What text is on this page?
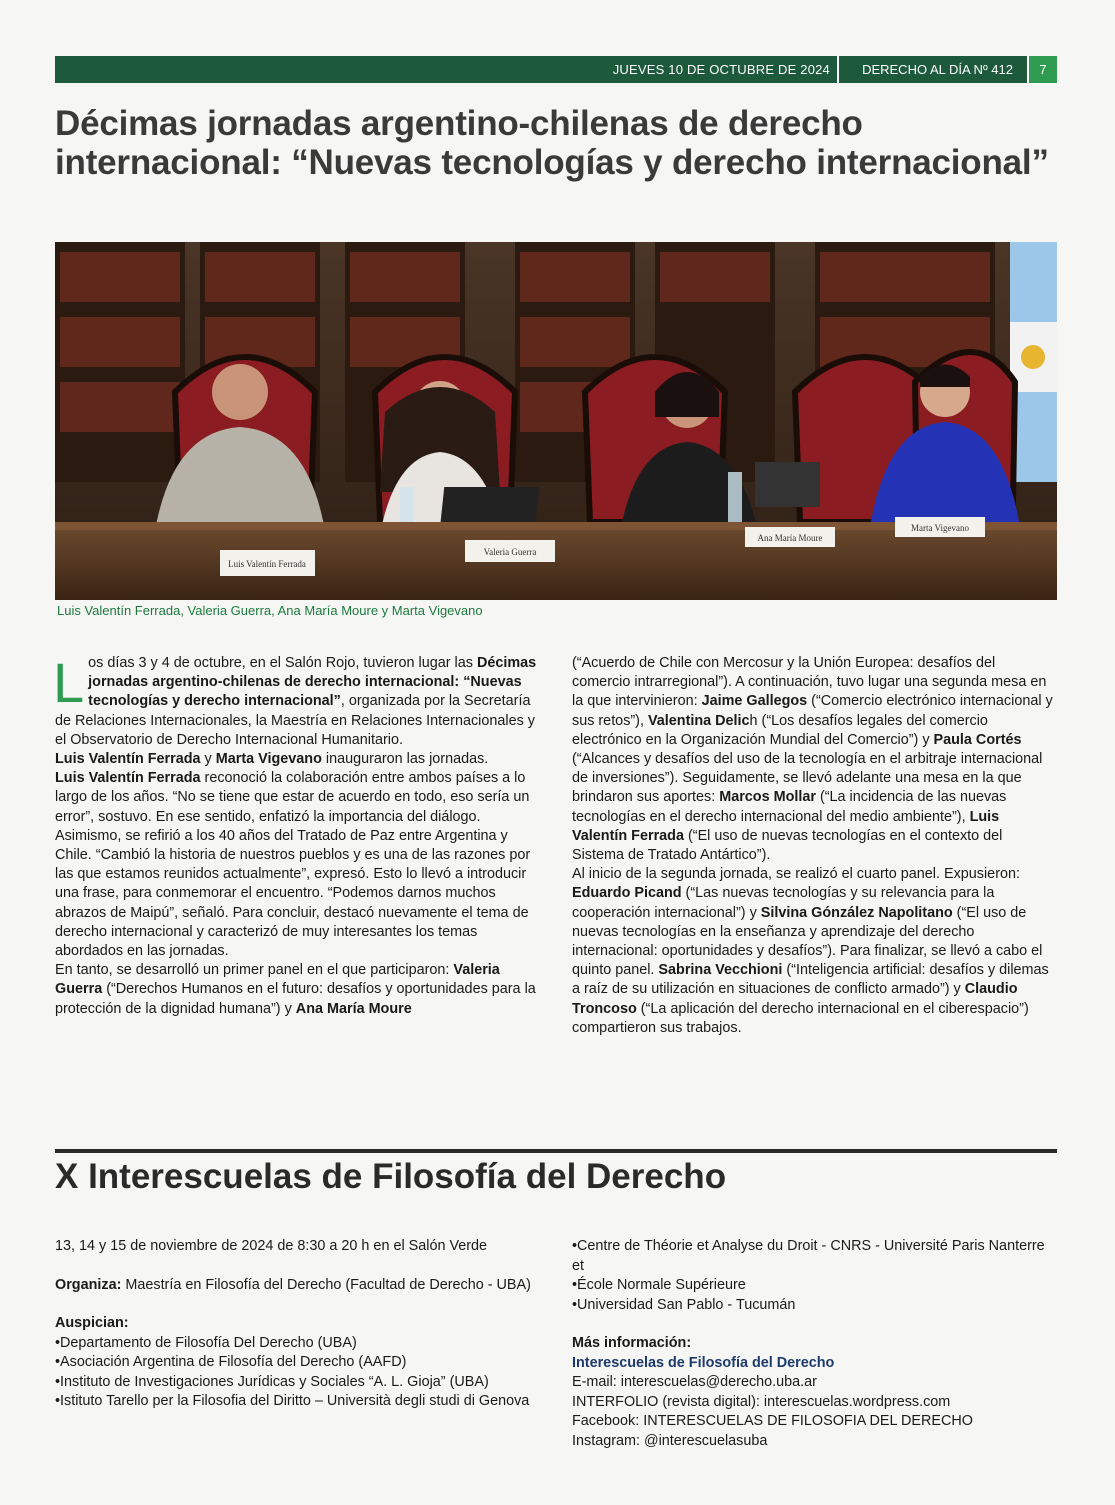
JUEVES 10 DE OCTUBRE DE 2024 DERECHO AL DÍA Nº 412	7
Décimas jornadas argentino-chilenas de derecho internacional: “Nuevas tecnologías y derecho internacional”
Luis Valentín Ferrada
Valeria Guerra
Ana María Moure
Marta Vigevano
Luis Valentín Ferrada, Valeria Guerra, Ana María Moure y Marta Vigevano

Los días 3 y 4 de octubre, en el Salón Rojo, tuvieron lugar las Décimas jornadas argentino-chilenas de derecho internacional: “Nuevas tecnologías y derecho internacional”, organizada por la Secretaría de Relaciones Internacionales, la Maestría en Relaciones Internacionales y el Observatorio de Derecho Internacional Humanitario.

Luis Valentín Ferrada y Marta Vigevano inauguraron las jornadas.

Luis Valentín Ferrada reconoció la colaboración entre ambos países a lo largo de los años. “No se tiene que estar de acuerdo en todo, eso sería un error”, sostuvo. En ese sentido, enfatizó la importancia del diálogo. Asimismo, se refirió a los 40 años del Tratado de Paz entre Argentina y Chile. “Cambió la historia de nuestros pueblos y es una de las razones por las que estamos reunidos actualmente”, expresó. Esto lo llevó a introducir una frase, para conmemorar el encuentro. “Podemos darnos muchos abrazos de Maipú”, señaló. Para concluir, destacó nuevamente el tema de derecho internacional y caracterizó de muy interesantes los temas abordados en las jornadas.

En tanto, se desarrolló un primer panel en el que participaron: Valeria Guerra (“Derechos Humanos en el futuro: desafíos y oportunidades para la protección de la dignidad humana”) y Ana María Moure

(“Acuerdo de Chile con Mercosur y la Unión Europea: desafíos del comercio intrarregional”). A continuación, tuvo lugar una segunda mesa en la que intervinieron: Jaime Gallegos (“Comercio electrónico internacional y sus retos”), Valentina Delich (“Los desafíos legales del comercio electrónico en la Organización Mundial del Comercio”) y Paula Cortés (“Alcances y desafíos del uso de la tecnología en el arbitraje internacional de inversiones”). Seguidamente, se llevó adelante una mesa en la que brindaron sus aportes: Marcos Mollar (“La incidencia de las nuevas tecnologías en el derecho internacional del medio ambiente”), Luis Valentín Ferrada (“El uso de nuevas tecnologías en el contexto del Sistema de Tratado Antártico”).

Al inicio de la segunda jornada, se realizó el cuarto panel. Expusieron: Eduardo Picand (“Las nuevas tecnologías y su relevancia para la cooperación internacional”) y Silvina Gónzález Napolitano (“El uso de nuevas tecnologías en la enseñanza y aprendizaje del derecho internacional: oportunidades y desafíos”). Para finalizar, se llevó a cabo el quinto panel. Sabrina Vecchioni (“Inteligencia artificial: desafíos y dilemas a raíz de su utilización en situaciones de conflicto armado”) y Claudio Troncoso (“La aplicación del derecho internacional en el ciberespacio”) compartieron sus trabajos.

X Interescuelas de Filosofía del Derecho

13, 14 y 15 de noviembre de 2024 de 8:30 a 20 h en el Salón Verde

Organiza: Maestría en Filosofía del Derecho (Facultad de Derecho - UBA)

Auspician:

•Departamento de Filosofía Del Derecho (UBA)

•Asociación Argentina de Filosofía del Derecho (AAFD)

•Instituto de Investigaciones Jurídicas y Sociales “A. L. Gioja” (UBA)

•Istituto Tarello per la Filosofia del Diritto – Università degli studi di Genova

•Centre de Théorie et Analyse du Droit - CNRS - Université Paris Nanterre et

•École Normale Supérieure

•Universidad San Pablo - Tucumán

Más información:

Interescuelas de Filosofía del Derecho

E-mail: interescuelas@derecho.uba.ar

INTERFOLIO (revista digital): interescuelas.wordpress.com

Facebook: INTERESCUELAS DE FILOSOFIA DEL DERECHO

Instagram: @interescuelasuba
